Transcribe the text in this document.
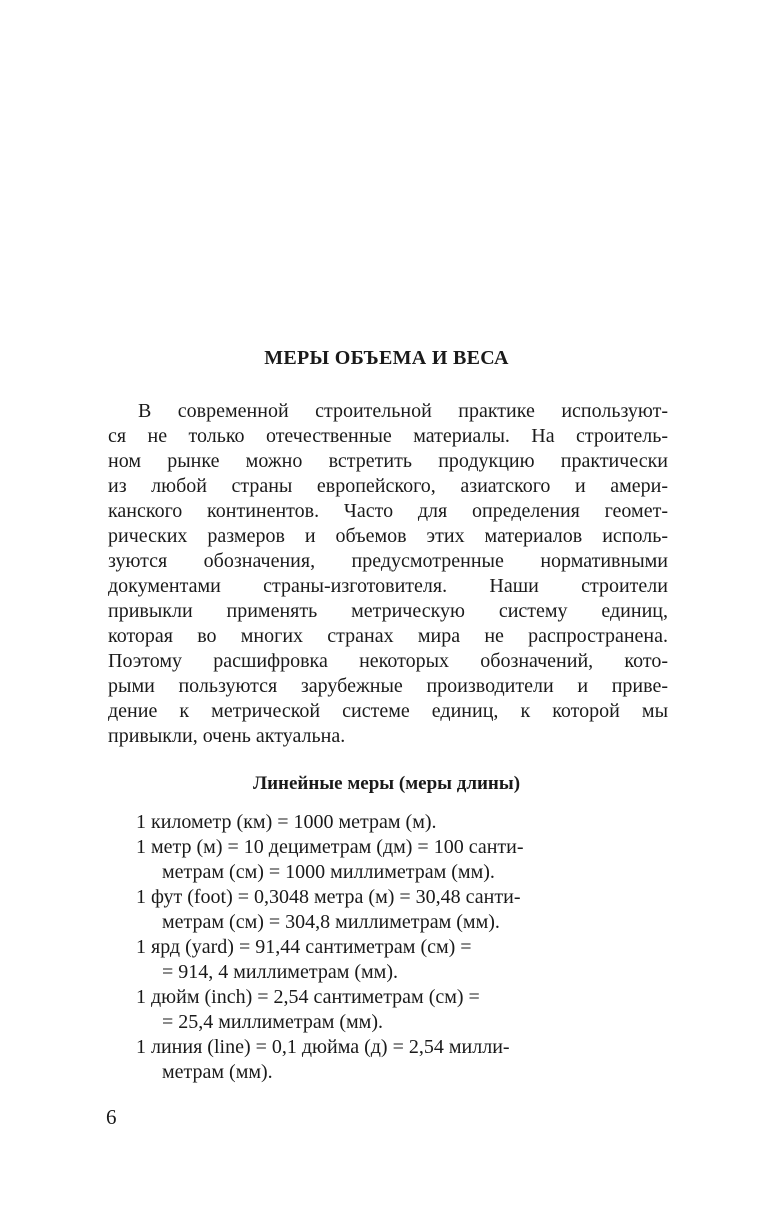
МЕРЫ ОБЪЕМА И ВЕСА
В современной строительной практике используют-
ся не только отечественные материалы. На строитель-
ном рынке можно встретить продукцию практически
из любой страны европейского, азиатского и амери-
канского континентов. Часто для определения геомет-
рических размеров и объемов этих материалов исполь-
зуются обозначения, предусмотренные нормативными
документами страны-изготовителя. Наши строители
привыкли применять метрическую систему единиц,
которая во многих странах мира не распространена.
Поэтому расшифровка некоторых обозначений, кото-
рыми пользуются зарубежные производители и приве-
дение к метрической системе единиц, к которой мы
привыкли, очень актуальна.
Линейные меры (меры длины)
1 километр (км) = 1000 метрам (м).
1 метр (м) = 10 дециметрам (дм) = 100 санти-
метрам (см) = 1000 миллиметрам (мм).
1 фут (foot) = 0,3048 метра (м) = 30,48 санти-
метрам (см) = 304,8 миллиметрам (мм).
1 ярд (yard) = 91,44 сантиметрам (см) =
= 914, 4 миллиметрам (мм).
1 дюйм (inch) = 2,54 сантиметрам (см) =
= 25,4 миллиметрам (мм).
1 линия (line) = 0,1 дюйма (д) = 2,54 милли-
метрам (мм).
6
